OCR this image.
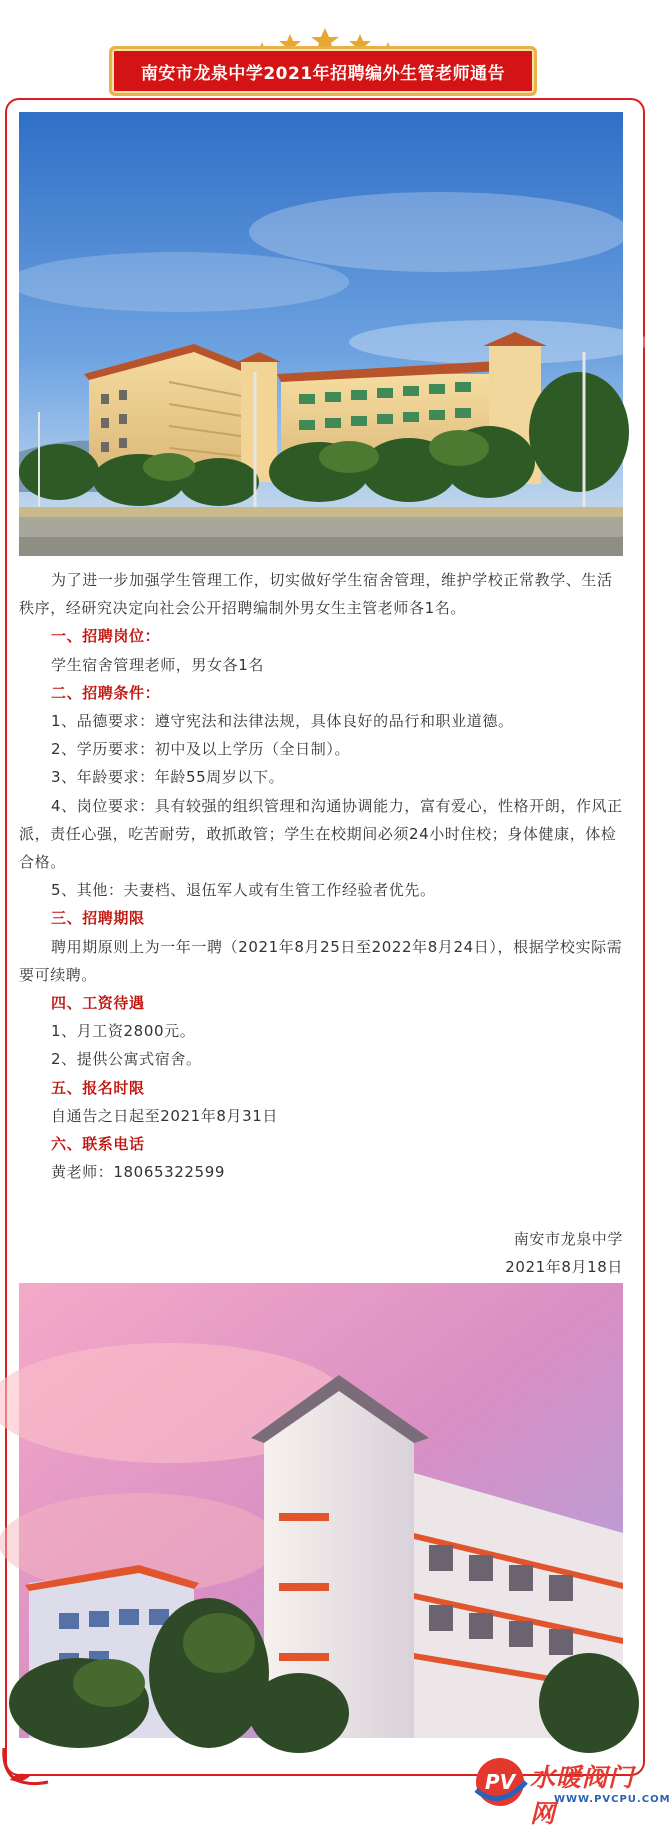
南安市龙泉中学2021年招聘编外生管老师通告

为了进一步加强学生管理工作，切实做好学生宿舍管理，维护学校正常教学、生活秩序，经研究决定向社会公开招聘编制外男女生主管老师各1名。

一、招聘岗位：

学生宿舍管理老师，男女各1名

二、招聘条件：

1、品德要求：遵守宪法和法律法规，具体良好的品行和职业道德。

2、学历要求：初中及以上学历（全日制）。

3、年龄要求：年龄55周岁以下。

4、岗位要求：具有较强的组织管理和沟通协调能力，富有爱心，性格开朗，作风正派，责任心强，吃苦耐劳，敢抓敢管；学生在校期间必须24小时住校；身体健康，体检合格。

5、其他：夫妻档、退伍军人或有生管工作经验者优先。

三、招聘期限

聘用期原则上为一年一聘（2021年8月25日至2022年8月24日），根据学校实际需要可续聘。

四、工资待遇

1、月工资2800元。

2、提供公寓式宿舍。

五、报名时限

自通告之日起至2021年8月31日

六、联系电话

黄老师：18065322599

南安市龙泉中学
2021年8月18日
PV 水暖阀门网
WWW.PVCPU.COM
